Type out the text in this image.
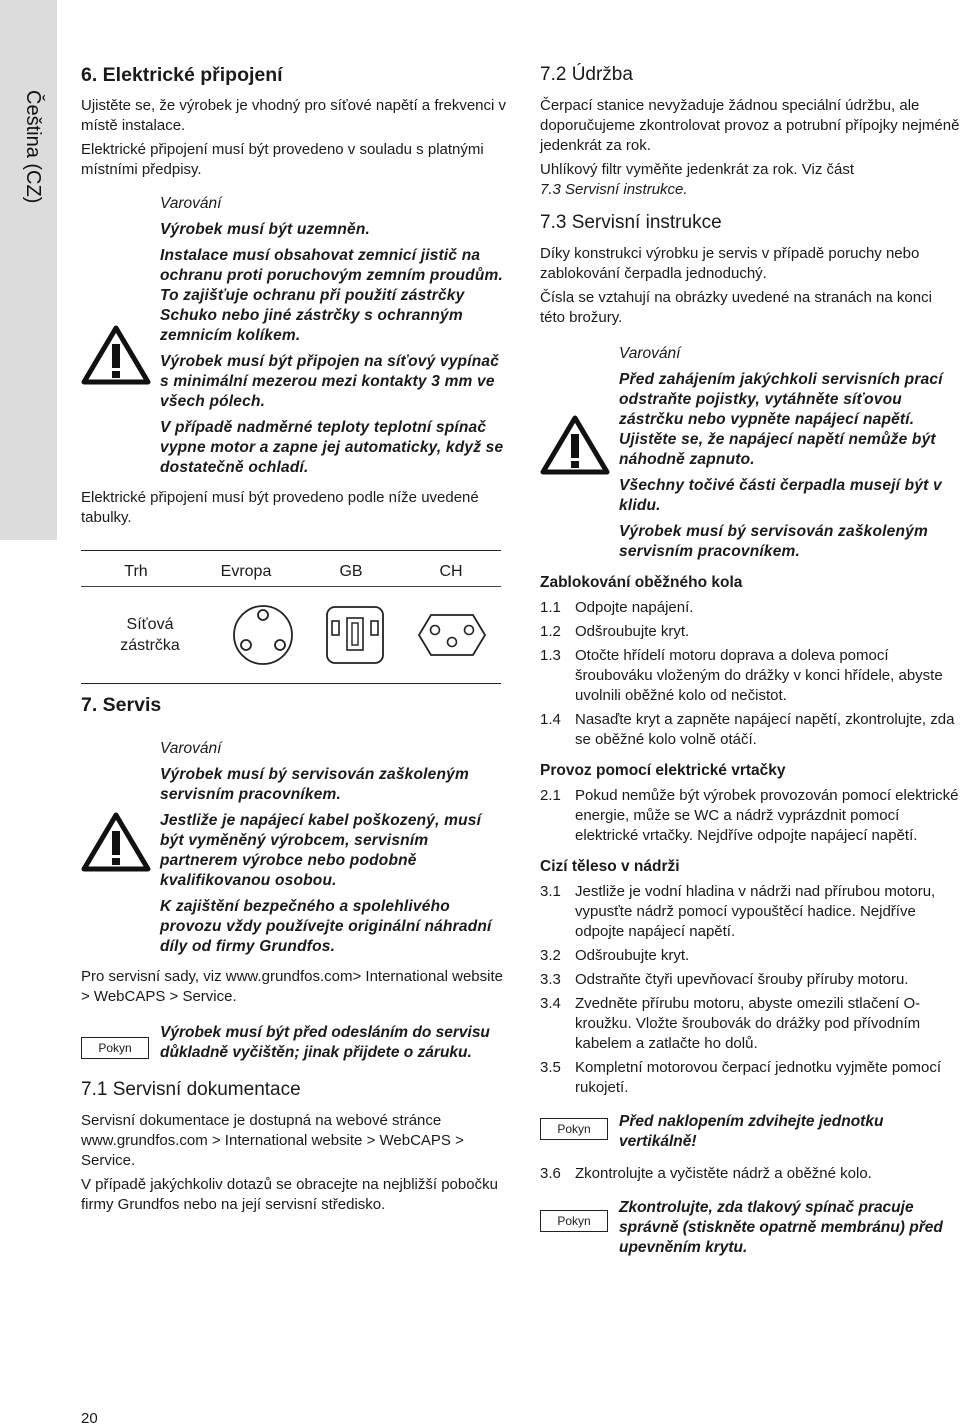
Čeština (CZ)
6. Elektrické připojení

Ujistěte se, že výrobek je vhodný pro síťové napětí a frekvenci v místě instalace.

Elektrické připojení musí být provedeno v souladu s platnými místními předpisy.

Varování

Výrobek musí být uzemněn.

Instalace musí obsahovat zemnicí jistič na ochranu proti poruchovým zemním proudům. To zajišťuje ochranu při použití zástrčky Schuko nebo jiné zástrčky s ochranným zemnicím kolíkem.

Výrobek musí být připojen na síťový vypínač s minimální mezerou mezi kontakty 3 mm ve všech pólech.

V případě nadměrné teploty teplotní spínač vypne motor a zapne jej automaticky, když se dostatečně ochladí.

Elektrické připojení musí být provedeno podle níže uvedené tabulky.

Trh	Evropa	GB	CH
Síťová zástrčka
7. Servis
Varování

Výrobek musí bý servisován zaškoleným servisním pracovníkem.

Jestliže je napájecí kabel poškozený, musí být vyměněný výrobcem, servisním partnerem výrobce nebo podobně kvalifikovanou osobou.

K zajištění bezpečného a spolehlivého provozu vždy používejte originální náhradní díly od firmy Grundfos.

Pro servisní sady, viz www.grundfos.com> International website > WebCAPS > Service.

Pokyn

Výrobek musí být před odesláním do servisu důkladně vyčištěn; jinak přijdete o záruku.

7.1 Servisní dokumentace

Servisní dokumentace je dostupná na webové stránce www.grundfos.com > International website > WebCAPS > Service.

V případě jakýchkoliv dotazů se obracejte na nejbližší pobočku firmy Grundfos nebo na její servisní středisko.

7.2 Údržba

Čerpací stanice nevyžaduje žádnou speciální údržbu, ale doporučujeme zkontrolovat provoz a potrubní přípojky nejméně jedenkrát za rok.

Uhlíkový filtr vyměňte jedenkrát za rok. Viz část
7.3 Servisní instrukce.

7.3 Servisní instrukce

Díky konstrukci výrobku je servis v případě poruchy nebo zablokování čerpadla jednoduchý.

Čísla se vztahují na obrázky uvedené na stranách na konci této brožury.

Varování

Před zahájením jakýchkoli servisních prací odstraňte pojistky, vytáhněte síťovou zástrčku nebo vypněte napájecí napětí. Ujistěte se, že napájecí napětí nemůže být náhodně zapnuto.

Všechny točivé části čerpadla musejí být v klidu.

Výrobek musí bý servisován zaškoleným servisním pracovníkem.

Zablokování oběžného kola
1.1 Odpojte napájení.
1.2 Odšroubujte kryt.
1.3 Otočte hřídelí motoru doprava a doleva pomocí šroubováku vloženým do drážky v konci hřídele, abyste uvolnili oběžné kolo od nečistot.
1.4 Nasaďte kryt a zapněte napájecí napětí, zkontrolujte, zda se oběžné kolo volně otáčí.
Provoz pomocí elektrické vrtačky
2.1 Pokud nemůže být výrobek provozován pomocí elektrické energie, může se WC a nádrž vyprázdnit pomocí elektrické vrtačky. Nejdříve odpojte napájecí napětí.
Cizí těleso v nádrži
3.1 Jestliže je vodní hladina v nádrži nad přírubou motoru, vypusťte nádrž pomocí vypouštěcí hadice. Nejdříve odpojte napájecí napětí.
3.2 Odšroubujte kryt.
3.3 Odstraňte čtyři upevňovací šrouby příruby motoru.
3.4 Zvedněte přírubu motoru, abyste omezili stlačení O-kroužku. Vložte šroubovák do drážky pod přívodním kabelem a zatlačte ho dolů.
3.5 Kompletní motorovou čerpací jednotku vyjměte pomocí rukojetí.
Pokyn	Před naklopením zdvihejte jednotku vertikálně!

3.6 Zkontrolujte a vyčistěte nádrž a oběžné kolo.
Pokyn

Zkontrolujte, zda tlakový spínač pracuje správně (stiskněte opatrně membránu) před upevněním krytu.

20
